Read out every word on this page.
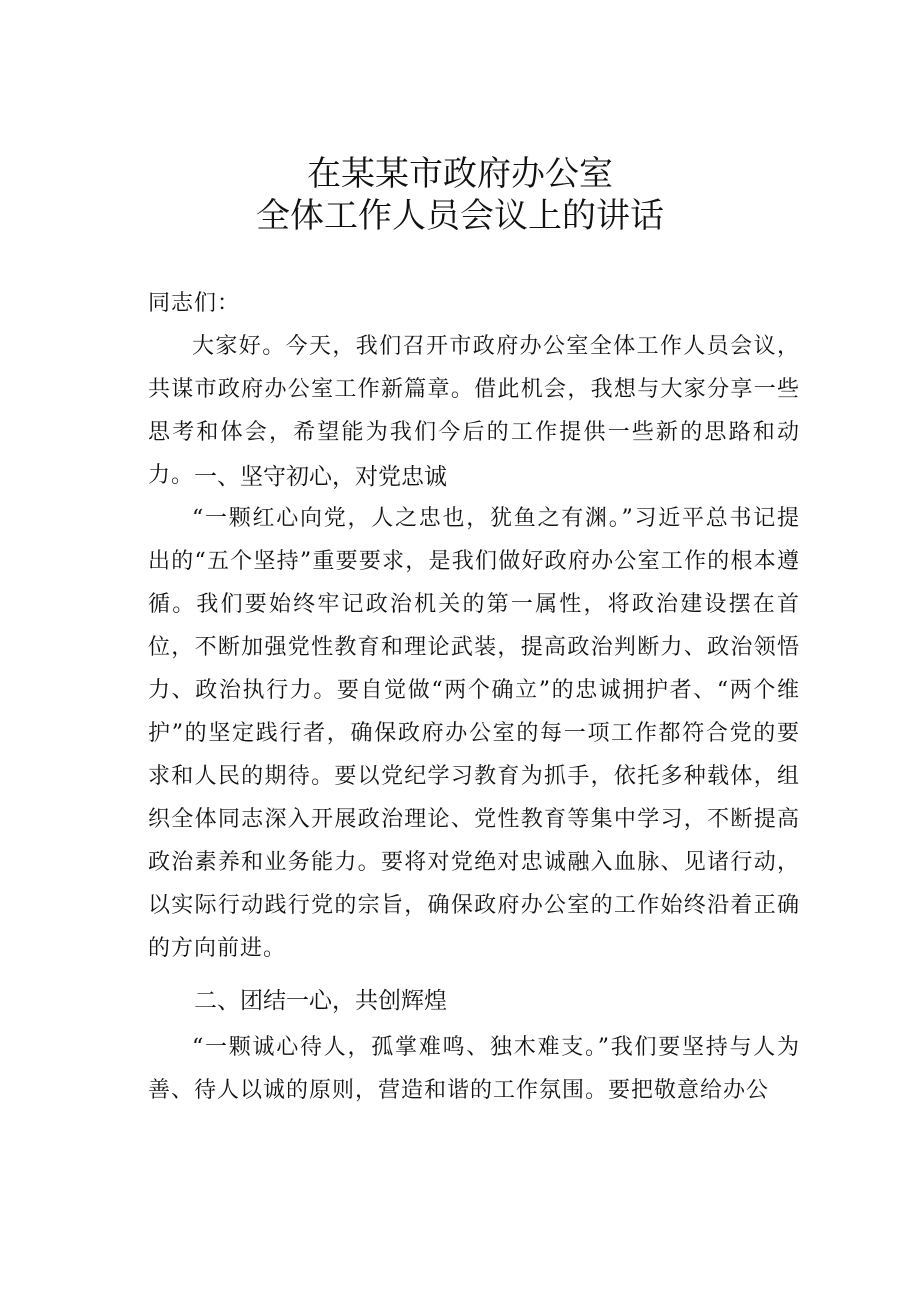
在某某市政府办公室
全体工作人员会议上的讲话
同志们：

大家好。今天，我们召开市政府办公室全体工作人员会议，共谋市政府办公室工作新篇章。借此机会，我想与大家分享一些思考和体会，希望能为我们今后的工作提供一些新的思路和动力。 一、坚守初心，对党忠诚

“一颗红心向党，人之忠也，犹鱼之有渊。”习近平总书记提出的“五个坚持”重要要求，是我们做好政府办公室工作的根本遵循。我们要始终牢记政治机关的第一属性，将政治建设摆在首位，不断加强党性教育和理论武装，提高政治判断力、政治领悟力、政治执行力。要自觉做“两个确立”的忠诚拥护者、“两个维护”的坚定践行者，确保政府办公室的每一项工作都符合党的要求和人民的期待。要以党纪学习教育为抓手，依托多种载体，组织全体同志深入开展政治理论、党性教育等集中学习，不断提高政治素养和业务能力。要将对党绝对忠诚融入血脉、见诸行动，以实际行动践行党的宗旨，确保政府办公室的工作始终沿着正确的方向前进。

二、团结一心，共创辉煌

“一颗诚心待人，孤掌难鸣、独木难支。”我们要坚持与人为善、待人以诚的原则，营造和谐的工作氛围。要把敬意给办公
